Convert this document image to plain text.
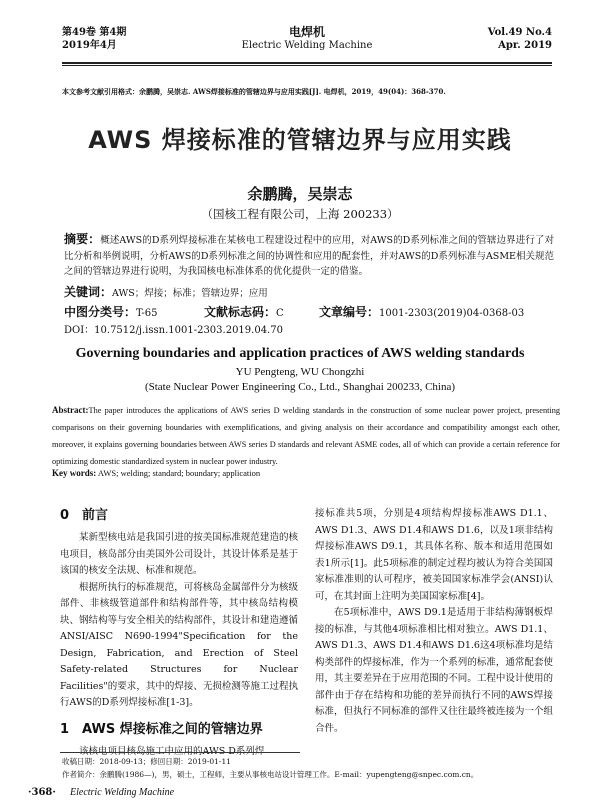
第49卷 第4期
2019年4月
电焊机
Electric Welding Machine
Vol.49 No.4
Apr. 2019
本文参考文献引用格式：余鹏腾，吴崇志. AWS焊接标准的管辖边界与应用实践[J]. 电焊机，2019，49(04)：368-370.
AWS 焊接标准的管辖边界与应用实践
余鹏腾，吴崇志
（国核工程有限公司，上海 200233）
摘要：概述AWS的D系列焊接标准在某核电工程建设过程中的应用，对AWS的D系列标准之间的管辖边界进行了对比分析和举例说明，分析AWS的D系列标准之间的协调性和应用的配套性，并对AWS的D系列标准与ASME相关规范之间的管辖边界进行说明，为我国核电标准体系的优化提供一定的借鉴。
关键词：AWS；焊接；标准；管辖边界；应用
中图分类号：T-65	文献标志码：C	文章编号：1001-2303(2019)04-0368-03
DOI：10.7512/j.issn.1001-2303.2019.04.70
Governing boundaries and application practices of AWS welding standards
YU Pengteng, WU Chongzhi
(State Nuclear Power Engineering Co., Ltd., Shanghai 200233, China)
Abstract:The paper introduces the applications of AWS series D welding standards in the construction of some nuclear power project, presenting comparisons on their governing boundaries with exemplifications, and giving analysis on their accordance and compatibility amongst each other, moreover, it explains governing boundaries between AWS series D standards and relevant ASME codes, all of which can provide a certain reference for optimizing domestic standardized system in nuclear power industry.
Key words: AWS; welding; standard; boundary; application
0　前言

某新型核电站是我国引进的按美国标准规范建造的核电项目，核岛部分由美国外公司设计，其设计体系是基于该国的核安全法规、标准和规范。

根据所执行的标准规范，可将核岛金属部件分为核级部件、非核级管道部件和结构部件等，其中核岛结构模块、钢结构等与安全相关的结构部件，其设计和建造遵循ANSI/AISC N690-1994"Specification for the Design, Fabrication, and Erection of Steel Safety-related Structures for Nuclear Facilities"的要求，其中的焊接、无损检测等施工过程执行AWS的D系列焊接标准[1-3]。

1　AWS 焊接标准之间的管辖边界

该核电项目核岛施工中应用的AWS D系列焊

接标准共5项，分别是4项结构焊接标准AWS D1.1、AWS D1.3、AWS D1.4和AWS D1.6，以及1项非结构焊接标准AWS D9.1，其具体名称、版本和适用范围如表1所示[1]。此5项标准的制定过程均被认为符合美国国家标准准则的认可程序，被美国国家标准学会(ANSI)认可，在其封面上注明为美国国家标准[4]。

在5项标准中，AWS D9.1是适用于非结构薄钢板焊接的标准，与其他4项标准相比相对独立。AWS D1.1、AWS D1.3、AWS D1.4和AWS D1.6这4项标准均是结构类部件的焊接标准，作为一个系列的标准，通常配套使用，其主要差异在于应用范围的不同。工程中设计使用的部件由于存在结构和功能的差异而执行不同的AWS焊接标准，但执行不同标准的部件又往往最终被连接为一个组合件。

收稿日期：2018-09-13；修回日期：2019-01-11
作者简介：余鹏腾(1986—)，男，硕士，工程师，主要从事核电站设计管理工作。E-mail：yupengteng@snpec.com.cn。
·368· Electric Welding Machine
